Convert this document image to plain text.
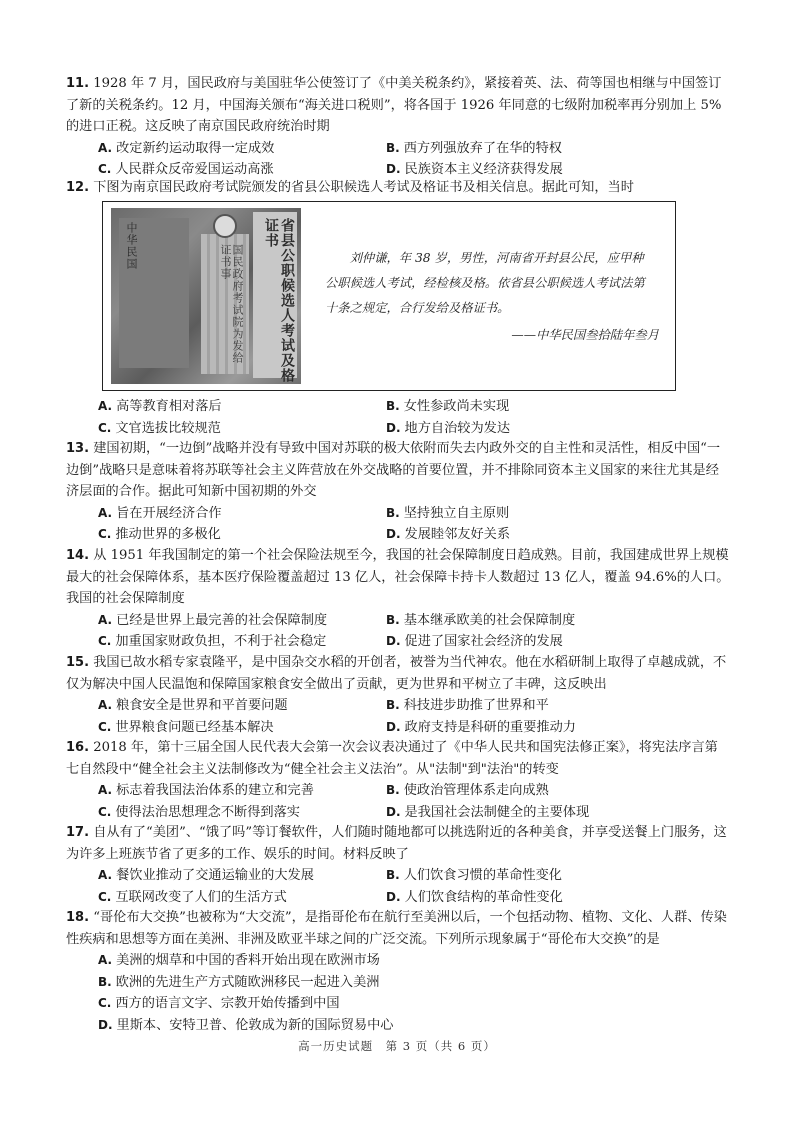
11. 1928 年 7 月，国民政府与美国驻华公使签订了《中美关税条约》，紧接着英、法、荷等国也相继与中国签订了新的关税条约。12 月，中国海关颁布“海关进口税则”，将各国于 1926 年同意的七级附加税率再分别加上 5%的进口正税。这反映了南京国民政府统治时期
A. 改定新约运动取得一定成效	B. 西方列强放弃了在华的特权
C. 人民群众反帝爱国运动高涨	D. 民族资本主义经济获得发展
12. 下图为南京国民政府考试院颁发的省县公职候选人考试及格证书及相关信息。据此可知，当时
中华民国	国民政府考试院为发给证书事	省县公职候选人考试及格证书
刘仲谦，年 38 岁，男性，河南省开封县公民，应甲种
公职候选人考试，经检核及格。依省县公职候选人考试法第
十条之规定，合行发给及格证书。
——中华民国叁拾陆年叁月
A. 高等教育相对落后	B. 女性参政尚未实现
C. 文官选拔比较规范	D. 地方自治较为发达
13. 建国初期，“一边倒”战略并没有导致中国对苏联的极大依附而失去内政外交的自主性和灵活性，相反中国“一边倒”战略只是意味着将苏联等社会主义阵营放在外交战略的首要位置，并不排除同资本主义国家的来往尤其是经济层面的合作。据此可知新中国初期的外交
A. 旨在开展经济合作	B. 坚持独立自主原则
C. 推动世界的多极化	D. 发展睦邻友好关系
14. 从 1951 年我国制定的第一个社会保险法规至今，我国的社会保障制度日趋成熟。目前，我国建成世界上规模最大的社会保障体系，基本医疗保险覆盖超过 13 亿人，社会保障卡持卡人数超过 13 亿人，覆盖 94.6%的人口。我国的社会保障制度
A. 已经是世界上最完善的社会保障制度	B. 基本继承欧美的社会保障制度
C. 加重国家财政负担，不利于社会稳定	D. 促进了国家社会经济的发展
15. 我国已故水稻专家袁隆平，是中国杂交水稻的开创者，被誉为当代神农。他在水稻研制上取得了卓越成就，不仅为解决中国人民温饱和保障国家粮食安全做出了贡献，更为世界和平树立了丰碑，这反映出
A. 粮食安全是世界和平首要问题	B. 科技进步助推了世界和平
C. 世界粮食问题已经基本解决	D. 政府支持是科研的重要推动力
16. 2018 年，第十三届全国人民代表大会第一次会议表决通过了《中华人民共和国宪法修正案》，将宪法序言第七自然段中“健全社会主义法制修改为“健全社会主义法治”。从"法制"到"法治"的转变
A. 标志着我国法治体系的建立和完善	B. 使政治管理体系走向成熟
C. 使得法治思想理念不断得到落实	D. 是我国社会法制健全的主要体现
17. 自从有了“美团”、“饿了吗”等订餐软件，人们随时随地都可以挑选附近的各种美食，并享受送餐上门服务，这为许多上班族节省了更多的工作、娱乐的时间。材料反映了
A. 餐饮业推动了交通运输业的大发展	B. 人们饮食习惯的革命性变化
C. 互联网改变了人们的生活方式	D. 人们饮食结构的革命性变化
18. “哥伦布大交换”也被称为“大交流”，是指哥伦布在航行至美洲以后，一个包括动物、植物、文化、人群、传染性疾病和思想等方面在美洲、非洲及欧亚半球之间的广泛交流。下列所示现象属于“哥伦布大交换”的是
A. 美洲的烟草和中国的香料开始出现在欧洲市场
B. 欧洲的先进生产方式随欧洲移民一起进入美洲
C. 西方的语言文字、宗教开始传播到中国
D. 里斯本、安特卫普、伦敦成为新的国际贸易中心
高一历史试题　第 3 页（共 6 页）
